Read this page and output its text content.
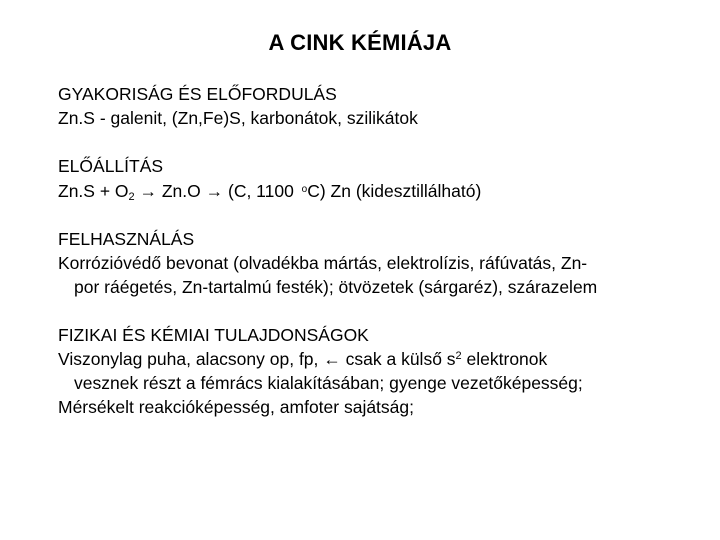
A CINK KÉMIÁJA
GYAKORISÁG ÉS ELŐFORDULÁS
Zn.S - galenit, (Zn,Fe)S, karbonátok, szilikátok
ELŐÁLLÍTÁS
$Zn.S + O_2 \to Zn.O \to (C$, 1100 $^o$C) Zn (kidesztillálható)
FELHASZNÁLÁS
Korrózióvédő bevonat (olvadékba mártás, elektrolízis, ráfúvatás, Zn-
por ráégetés, Zn-tartalmú festék); ötvözetek (sárgaréz), szárazelem
FIZIKAI ÉS KÉMIAI TULAJDONSÁGOK
Viszonylag puha, alacsony op, fp, ← csak a külső $s^2$ elektronok
vesznek részt a fémrács kialakításában; gyenge vezetőképesség;
Mérsékelt reakcióképesség, amfoter sajátság;
